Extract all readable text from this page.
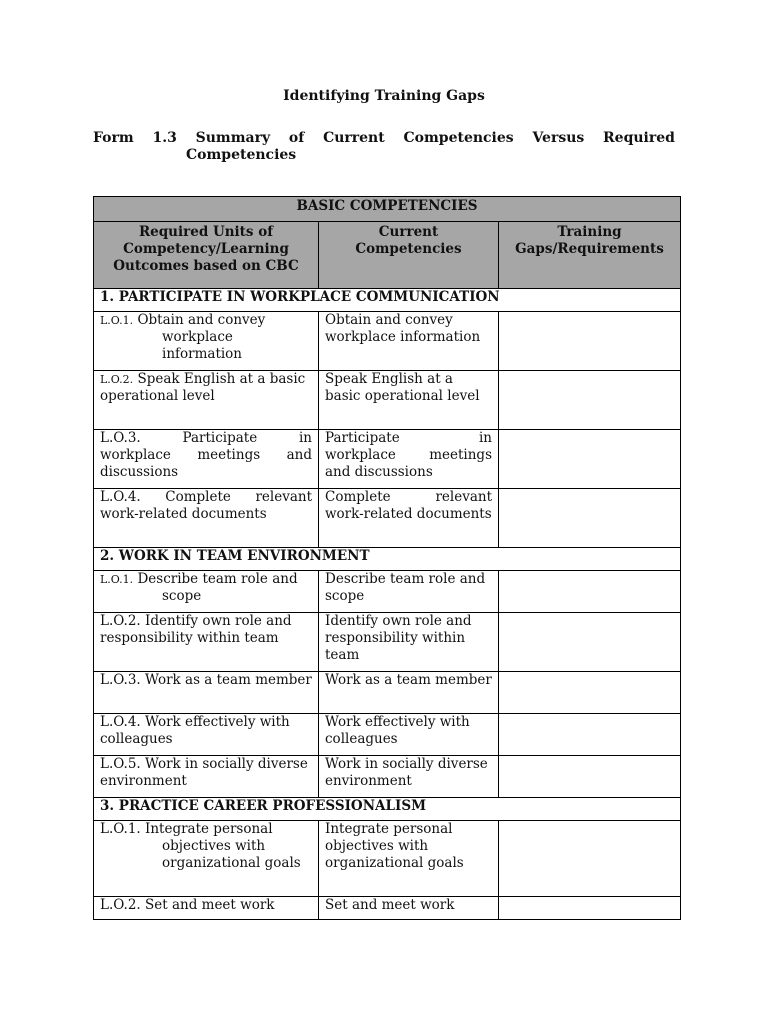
Identifying Training Gaps
Form 1.3 Summary of Current Competencies Versus Required
Competencies
BASIC COMPETENCIES		
Required Units of Competency/Learning Outcomes based on CBC	Current Competencies	Training Gaps/Requirements
1. PARTICIPATE IN WORKPLACE COMMUNICATION		
L.O.1. Obtain and convey workplace information	Obtain and convey workplace information	
L.O.2. Speak English at a basic operational level	Speak English at a basic operational level	
L.O.3. Participate in workplace meetings and discussions	Participate in workplace meetings and discussions	
L.O.4. Complete relevant work-related documents	Complete relevant work-related documents	
2. WORK IN TEAM ENVIRONMENT		
L.O.1. Describe team role and scope	Describe team role and scope	
L.O.2. Identify own role and responsibility within team	Identify own role and responsibility within team	
L.O.3. Work as a team member	Work as a team member	
L.O.4. Work effectively with colleagues	Work effectively with colleagues	
L.O.5. Work in socially diverse environment	Work in socially diverse environment	
3. PRACTICE CAREER PROFESSIONALISM		
L.O.1. Integrate personal objectives with organizational goals	Integrate personal objectives with organizational goals	
L.O.2. Set and meet work	Set and meet work	
